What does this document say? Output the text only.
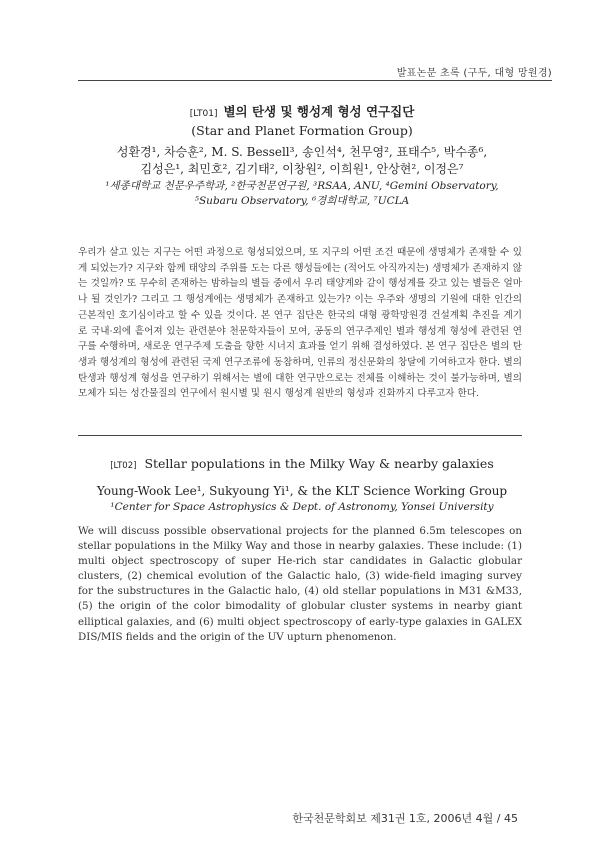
발표논문 초록 (구두, 대형 망원경)
[LT01] 별의 탄생 및 행성계 형성 연구집단
(Star and Planet Formation Group)
성환경¹, 차승훈², M. S. Bessell³, 송인석⁴, 천무영², 표태수⁵, 박수종⁶,
김성은¹, 최민호², 김기태², 이창원², 이희원¹, 안상현², 이정은⁷
¹세종대학교 천문우주학과, ²한국천문연구원, ³RSAA, ANU, ⁴Gemini Observatory,
⁵Subaru Observatory, ⁶경희대학교, ⁷UCLA
우리가 살고 있는 지구는 어떤 과정으로 형성되었으며, 또 지구의 어떤 조건 때문에 생명체가 존재할 수 있게 되었는가? 지구와 함께 태양의 주위를 도는 다른 행성들에는 (적어도 아직까지는) 생명체가 존재하지 않는 것일까? 또 무수히 존재하는 밤하늘의 별들 중에서 우리 태양계와 같이 행성계를 갖고 있는 별들은 얼마나 될 것인가? 그리고 그 행성계에는 생명체가 존재하고 있는가? 이는 우주와 생명의 기원에 대한 인간의 근본적인 호기심이라고 할 수 있을 것이다. 본 연구 집단은 한국의 대형 광학망원경 건설계획 추진을 계기로 국내·외에 흩어져 있는 관련분야 천문학자들이 모여, 공동의 연구주제인 별과 행성계 형성에 관련된 연구를 수행하며, 새로운 연구주제 도출을 향한 시너지 효과를 얻기 위해 결성하였다. 본 연구 집단은 별의 탄생과 행성계의 형성에 관련된 국제 연구조류에 동참하며, 인류의 정신문화의 창달에 기여하고자 한다. 별의 탄생과 행성계 형성을 연구하기 위해서는 별에 대한 연구만으로는 전체를 이해하는 것이 불가능하며, 별의 모체가 되는 성간물질의 연구에서 원시별 및 원시 행성계 원반의 형성과 진화까지 다루고자 한다.
[LT02] Stellar populations in the Milky Way & nearby galaxies
Young-Wook Lee¹, Sukyoung Yi¹, & the KLT Science Working Group
¹Center for Space Astrophysics & Dept. of Astronomy, Yonsei University
We will discuss possible observational projects for the planned 6.5m telescopes on stellar populations in the Milky Way and those in nearby galaxies. These include: (1) multi object spectroscopy of super He-rich star candidates in Galactic globular clusters, (2) chemical evolution of the Galactic halo, (3) wide-field imaging survey for the substructures in the Galactic halo, (4) old stellar populations in M31 &M33, (5) the origin of the color bimodality of globular cluster systems in nearby giant elliptical galaxies, and (6) multi object spectroscopy of early-type galaxies in GALEX DIS/MIS fields and the origin of the UV upturn phenomenon.
한국천문학회보 제31권 1호, 2006년 4월 / 45
